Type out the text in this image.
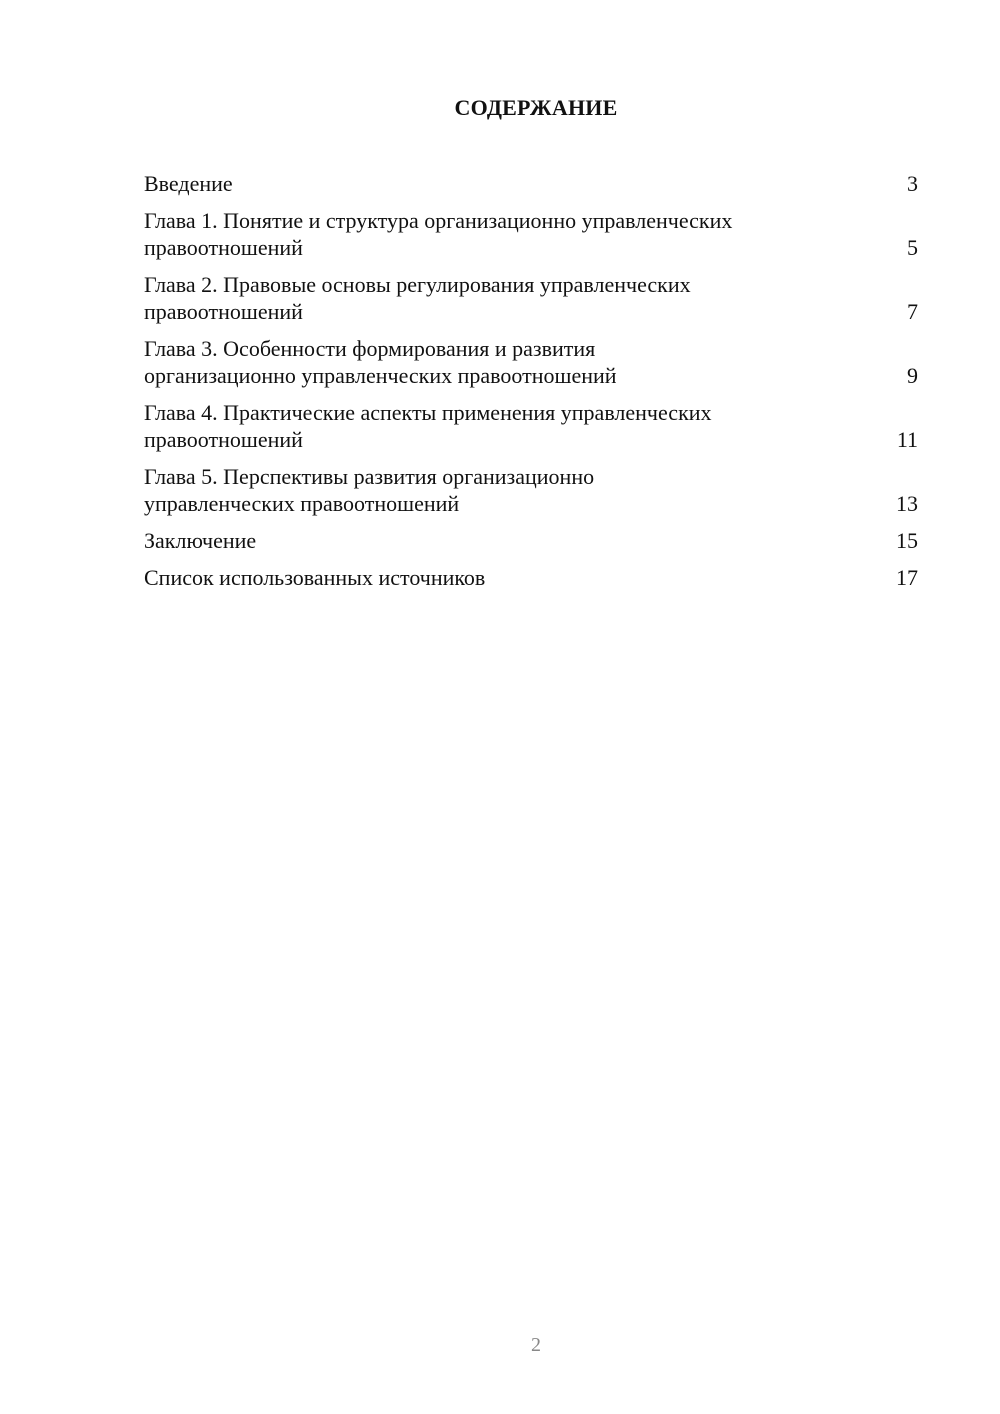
СОДЕРЖАНИЕ
Введение	3
Глава 1. Понятие и структура организационно управленческих
правоотношений	5
Глава 2. Правовые основы регулирования управленческих
правоотношений	7
Глава 3. Особенности формирования и развития
организационно управленческих правоотношений	9
Глава 4. Практические аспекты применения управленческих
правоотношений	11
Глава 5. Перспективы развития организационно
управленческих правоотношений	13
Заключение	15
Список использованных источников	17
2
